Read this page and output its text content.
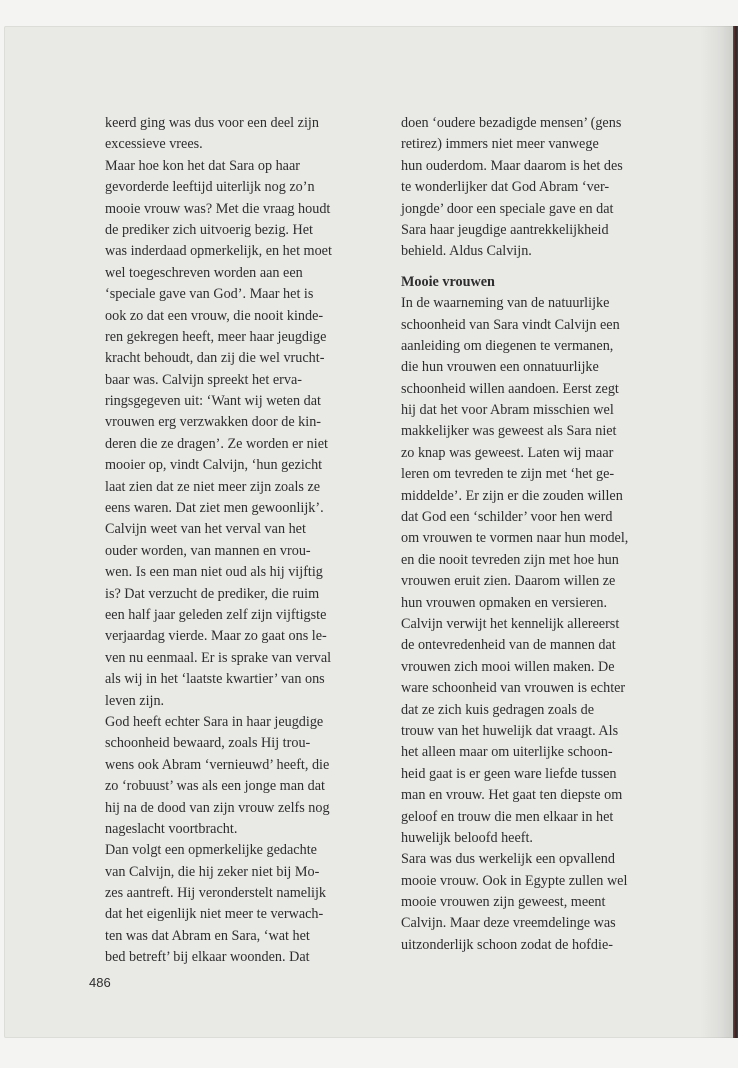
keerd ging was dus voor een deel zijn
excessieve vrees.
Maar hoe kon het dat Sara op haar
gevorderde leeftijd uiterlijk nog zo’n
mooie vrouw was? Met die vraag houdt
de prediker zich uitvoerig bezig. Het
was inderdaad opmerkelijk, en het moet
wel toegeschreven worden aan een
‘speciale gave van God’. Maar het is
ook zo dat een vrouw, die nooit kinde-
ren gekregen heeft, meer haar jeugdige
kracht behoudt, dan zij die wel vrucht-
baar was. Calvijn spreekt het erva-
ringsgegeven uit: ‘Want wij weten dat
vrouwen erg verzwakken door de kin-
deren die ze dragen’. Ze worden er niet
mooier op, vindt Calvijn, ‘hun gezicht
laat zien dat ze niet meer zijn zoals ze
eens waren. Dat ziet men gewoonlijk’.
Calvijn weet van het verval van het
ouder worden, van mannen en vrou-
wen. Is een man niet oud als hij vijftig
is? Dat verzucht de prediker, die ruim
een half jaar geleden zelf zijn vijftigste
verjaardag vierde. Maar zo gaat ons le-
ven nu eenmaal. Er is sprake van verval
als wij in het ‘laatste kwartier’ van ons
leven zijn.
God heeft echter Sara in haar jeugdige
schoonheid bewaard, zoals Hij trou-
wens ook Abram ‘vernieuwd’ heeft, die
zo ‘robuust’ was als een jonge man dat
hij na de dood van zijn vrouw zelfs nog
nageslacht voortbracht.
Dan volgt een opmerkelijke gedachte
van Calvijn, die hij zeker niet bij Mo-
zes aantreft. Hij veronderstelt namelijk
dat het eigenlijk niet meer te verwach-
ten was dat Abram en Sara, ‘wat het
bed betreft’ bij elkaar woonden. Dat
doen ‘oudere bezadigde mensen’ (gens
retirez) immers niet meer vanwege
hun ouderdom. Maar daarom is het des
te wonderlijker dat God Abram ‘ver-
jongde’ door een speciale gave en dat
Sara haar jeugdige aantrekkelijkheid
behield. Aldus Calvijn.
Mooie vrouwen
In de waarneming van de natuurlijke
schoonheid van Sara vindt Calvijn een
aanleiding om diegenen te vermanen,
die hun vrouwen een onnatuurlijke
schoonheid willen aandoen. Eerst zegt
hij dat het voor Abram misschien wel
makkelijker was geweest als Sara niet
zo knap was geweest. Laten wij maar
leren om tevreden te zijn met ‘het ge-
middelde’. Er zijn er die zouden willen
dat God een ‘schilder’ voor hen werd
om vrouwen te vormen naar hun model,
en die nooit tevreden zijn met hoe hun
vrouwen eruit zien. Daarom willen ze
hun vrouwen opmaken en versieren.
Calvijn verwijt het kennelijk allereerst
de ontevredenheid van de mannen dat
vrouwen zich mooi willen maken. De
ware schoonheid van vrouwen is echter
dat ze zich kuis gedragen zoals de
trouw van het huwelijk dat vraagt. Als
het alleen maar om uiterlijke schoon-
heid gaat is er geen ware liefde tussen
man en vrouw. Het gaat ten diepste om
geloof en trouw die men elkaar in het
huwelijk beloofd heeft.
Sara was dus werkelijk een opvallend
mooie vrouw. Ook in Egypte zullen wel
mooie vrouwen zijn geweest, meent
Calvijn. Maar deze vreemdelinge was
uitzonderlijk schoon zodat de hofdie-
486
